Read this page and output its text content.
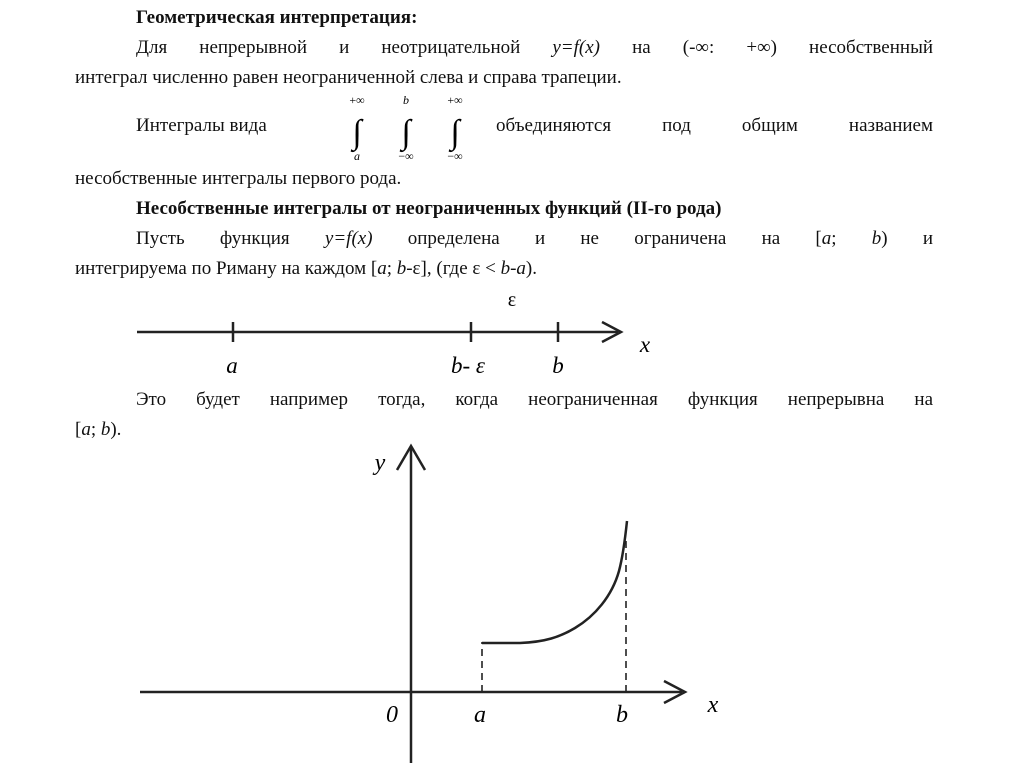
Геометрическая интерпретация:
Для непрерывной и неотрицательной y=f(x) на (-∞: +∞) несобственный
интеграл численно равен неограниченной слева и справа трапеции.
Интегралы вида
+∞
∫
a
b
∫
−∞
+∞
∫
−∞
объединяются под общим названием
несобственные интегралы первого рода.
Несобственные интегралы от неограниченных функций (II-го рода)
Пусть функция y=f(x) определена и не ограничена на [a; b) и
интегрируема по Риману на каждом [a; b-ε], (где ε < b-a).
ε
a	b- ε	b
x
Это будет например тогда, когда неограниченная функция непрерывна на
[a; b).
y
x
0	a	b
